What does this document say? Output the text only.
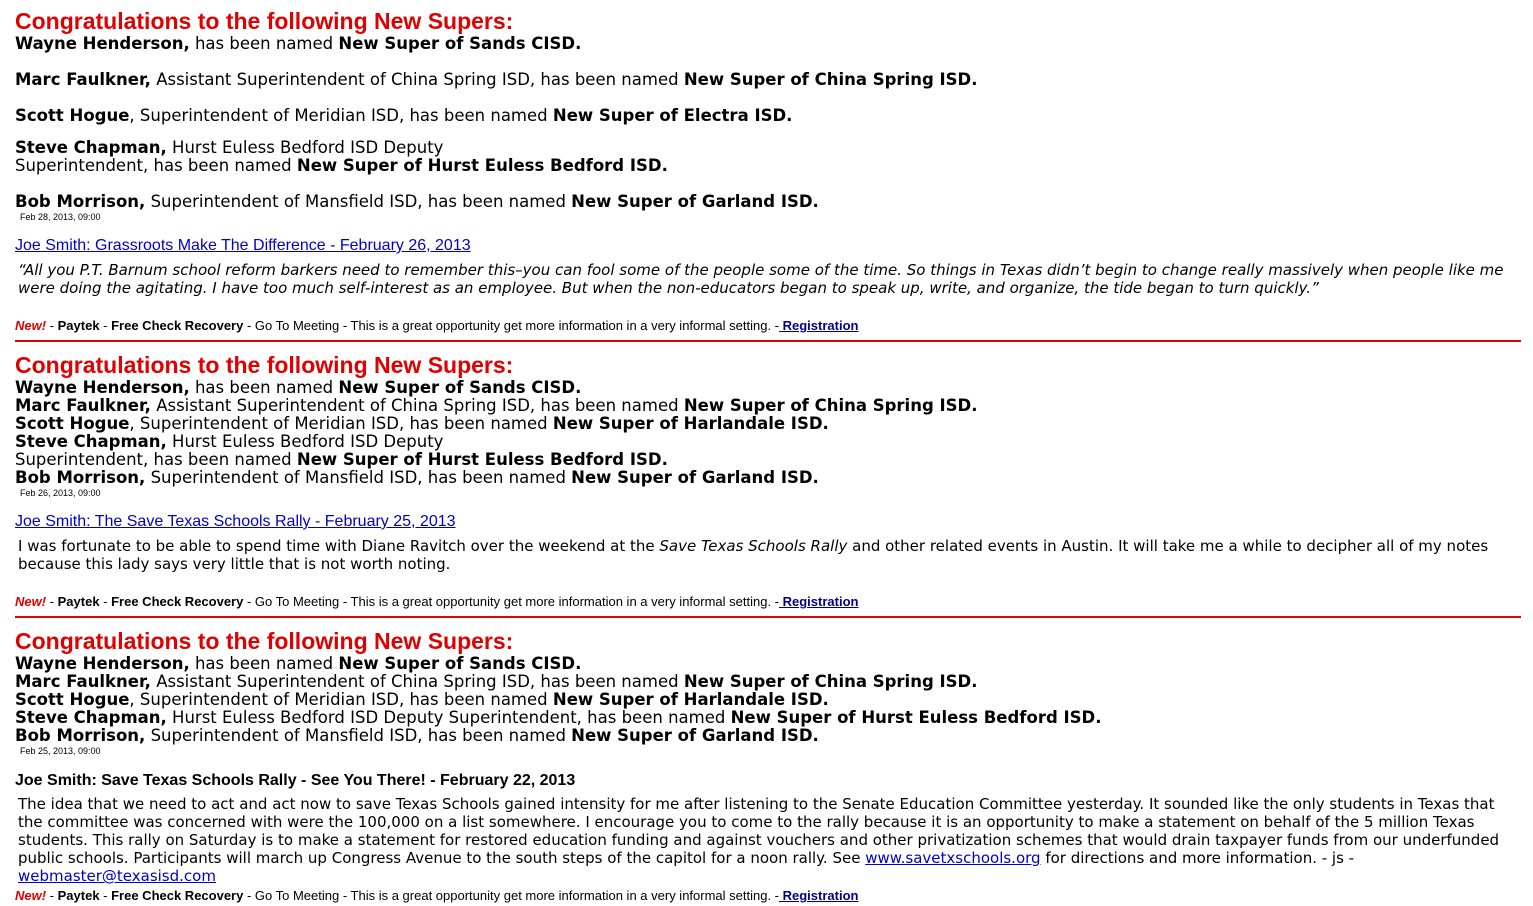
Congratulations to the following New Supers:
Wayne Henderson, has been named New Super of Sands CISD.
Marc Faulkner, Assistant Superintendent of China Spring ISD, has been named New Super of China Spring ISD.
Scott Hogue, Superintendent of Meridian ISD, has been named New Super of Electra ISD.
Steve Chapman, Hurst Euless Bedford ISD Deputy
Superintendent, has been named New Super of Hurst Euless Bedford ISD.
Bob Morrison, Superintendent of Mansfield ISD, has been named New Super of Garland ISD.
Feb 28, 2013, 09:00
Joe Smith: Grassroots Make The Difference - February 26, 2013
“All you P.T. Barnum school reform barkers need to remember this–you can fool some of the people some of the time. So things in Texas didn’t begin to change really massively when people like me were doing the agitating. I have too much self-interest as an employee. But when the non-educators began to speak up, write, and organize, the tide began to turn quickly.”
New! - Paytek - Free Check Recovery - Go To Meeting - This is a great opportunity get more information in a very informal setting. - Registration
Congratulations to the following New Supers:
Wayne Henderson, has been named New Super of Sands CISD.
Marc Faulkner, Assistant Superintendent of China Spring ISD, has been named New Super of China Spring ISD.
Scott Hogue, Superintendent of Meridian ISD, has been named New Super of Harlandale ISD.
Steve Chapman, Hurst Euless Bedford ISD Deputy
Superintendent, has been named New Super of Hurst Euless Bedford ISD.
Bob Morrison, Superintendent of Mansfield ISD, has been named New Super of Garland ISD.
Feb 26, 2013, 09:00
Joe Smith: The Save Texas Schools Rally - February 25, 2013
I was fortunate to be able to spend time with Diane Ravitch over the weekend at the Save Texas Schools Rally and other related events in Austin. It will take me a while to decipher all of my notes because this lady says very little that is not worth noting.
New! - Paytek - Free Check Recovery - Go To Meeting - This is a great opportunity get more information in a very informal setting. - Registration
Congratulations to the following New Supers:
Wayne Henderson, has been named New Super of Sands CISD.
Marc Faulkner, Assistant Superintendent of China Spring ISD, has been named New Super of China Spring ISD.
Scott Hogue, Superintendent of Meridian ISD, has been named New Super of Harlandale ISD.
Steve Chapman, Hurst Euless Bedford ISD Deputy Superintendent, has been named New Super of Hurst Euless Bedford ISD.
Bob Morrison, Superintendent of Mansfield ISD, has been named New Super of Garland ISD.
Feb 25, 2013, 09:00
Joe Smith: Save Texas Schools Rally - See You There! - February 22, 2013
The idea that we need to act and act now to save Texas Schools gained intensity for me after listening to the Senate Education Committee yesterday. It sounded like the only students in Texas that the committee was concerned with were the 100,000 on a list somewhere. I encourage you to come to the rally because it is an opportunity to make a statement on behalf of the 5 million Texas students. This rally on Saturday is to make a statement for restored education funding and against vouchers and other privatization schemes that would drain taxpayer funds from our underfunded public schools. Participants will march up Congress Avenue to the south steps of the capitol for a noon rally. See www.savetxschools.org for directions and more information. - js - webmaster@texasisd.com
New! - Paytek - Free Check Recovery - Go To Meeting - This is a great opportunity get more information in a very informal setting. - Registration
